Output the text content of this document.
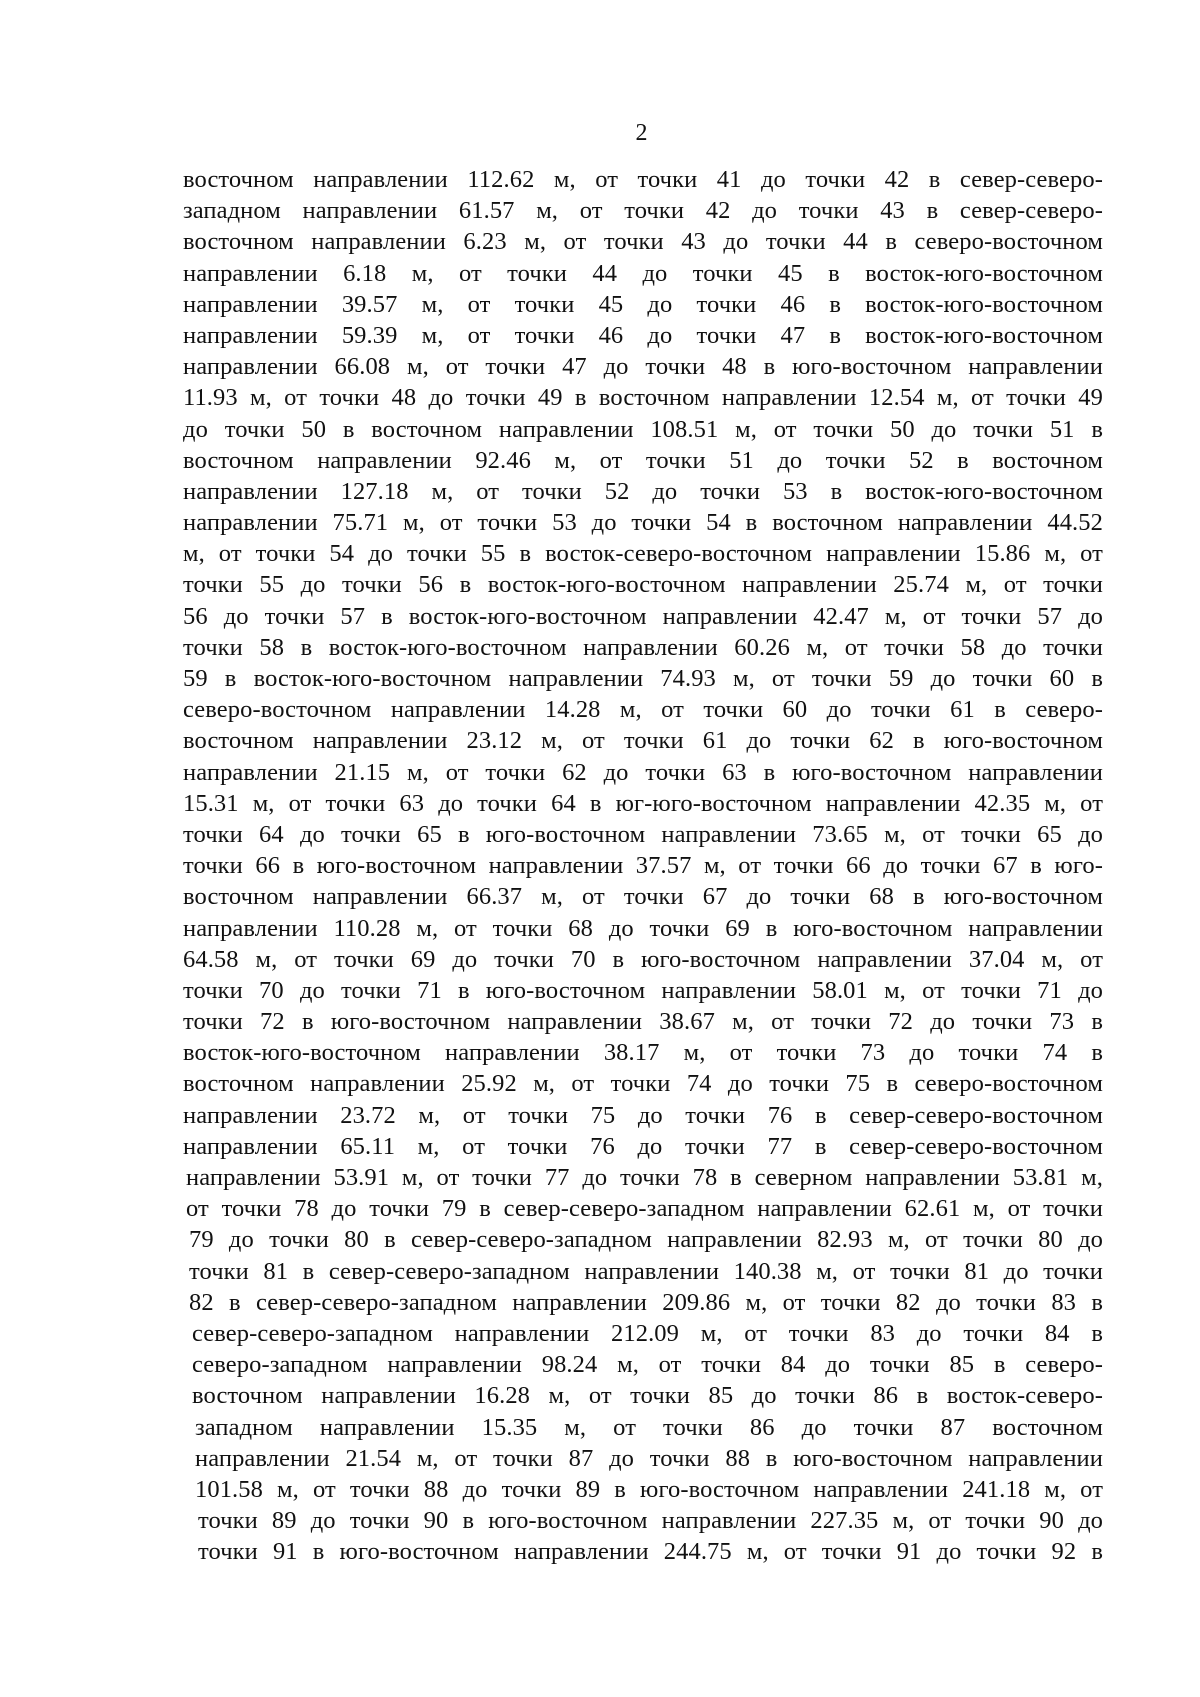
2
восточном направлении 112.62 м, от точки 41 до точки 42 в север-северо-
западном направлении 61.57 м, от точки 42 до точки 43 в север-северо-
восточном направлении 6.23 м, от точки 43 до точки 44 в северо-восточном
направлении 6.18 м, от точки 44 до точки 45 в восток-юго-восточном
направлении 39.57 м, от точки 45 до точки 46 в восток-юго-восточном
направлении 59.39 м, от точки 46 до точки 47 в восток-юго-восточном
направлении 66.08 м, от точки 47 до точки 48 в юго-восточном направлении
11.93 м, от точки 48 до точки 49 в восточном направлении 12.54 м, от точки 49
до точки 50 в восточном направлении 108.51 м, от точки 50 до точки 51 в
восточном направлении 92.46 м, от точки 51 до точки 52 в восточном
направлении 127.18 м, от точки 52 до точки 53 в восток-юго-восточном
направлении 75.71 м, от точки 53 до точки 54 в восточном направлении 44.52
м, от точки 54 до точки 55 в восток-северо-восточном направлении 15.86 м, от
точки 55 до точки 56 в восток-юго-восточном направлении 25.74 м, от точки
56 до точки 57 в восток-юго-восточном направлении 42.47 м, от точки 57 до
точки 58 в восток-юго-восточном направлении 60.26 м, от точки 58 до точки
59 в восток-юго-восточном направлении 74.93 м, от точки 59 до точки 60 в
северо-восточном направлении 14.28 м, от точки 60 до точки 61 в северо-
восточном направлении 23.12 м, от точки 61 до точки 62 в юго-восточном
направлении 21.15 м, от точки 62 до точки 63 в юго-восточном направлении
15.31 м, от точки 63 до точки 64 в юг-юго-восточном направлении 42.35 м, от
точки 64 до точки 65 в юго-восточном направлении 73.65 м, от точки 65 до
точки 66 в юго-восточном направлении 37.57 м, от точки 66 до точки 67 в юго-
восточном направлении 66.37 м, от точки 67 до точки 68 в юго-восточном
направлении 110.28 м, от точки 68 до точки 69 в юго-восточном направлении
64.58 м, от точки 69 до точки 70 в юго-восточном направлении 37.04 м, от
точки 70 до точки 71 в юго-восточном направлении 58.01 м, от точки 71 до
точки 72 в юго-восточном направлении 38.67 м, от точки 72 до точки 73 в
восток-юго-восточном направлении 38.17 м, от точки 73 до точки 74 в
восточном направлении 25.92 м, от точки 74 до точки 75 в северо-восточном
направлении 23.72 м, от точки 75 до точки 76 в север-северо-восточном
направлении 65.11 м, от точки 76 до точки 77 в север-северо-восточном
направлении 53.91 м, от точки 77 до точки 78 в северном направлении 53.81 м,
от точки 78 до точки 79 в север-северо-западном направлении 62.61 м, от точки
79 до точки 80 в север-северо-западном направлении 82.93 м, от точки 80 до
точки 81 в север-северо-западном направлении 140.38 м, от точки 81 до точки
82 в север-северо-западном направлении 209.86 м, от точки 82 до точки 83 в
север-северо-западном направлении 212.09 м, от точки 83 до точки 84 в
северо-западном направлении 98.24 м, от точки 84 до точки 85 в северо-
восточном направлении 16.28 м, от точки 85 до точки 86 в восток-северо-
западном направлении 15.35 м, от точки 86 до точки 87 восточном
направлении 21.54 м, от точки 87 до точки 88 в юго-восточном направлении
101.58 м, от точки 88 до точки 89 в юго-восточном направлении 241.18 м, от
точки 89 до точки 90 в юго-восточном направлении 227.35 м, от точки 90 до
точки 91 в юго-восточном направлении 244.75 м, от точки 91 до точки 92 в
